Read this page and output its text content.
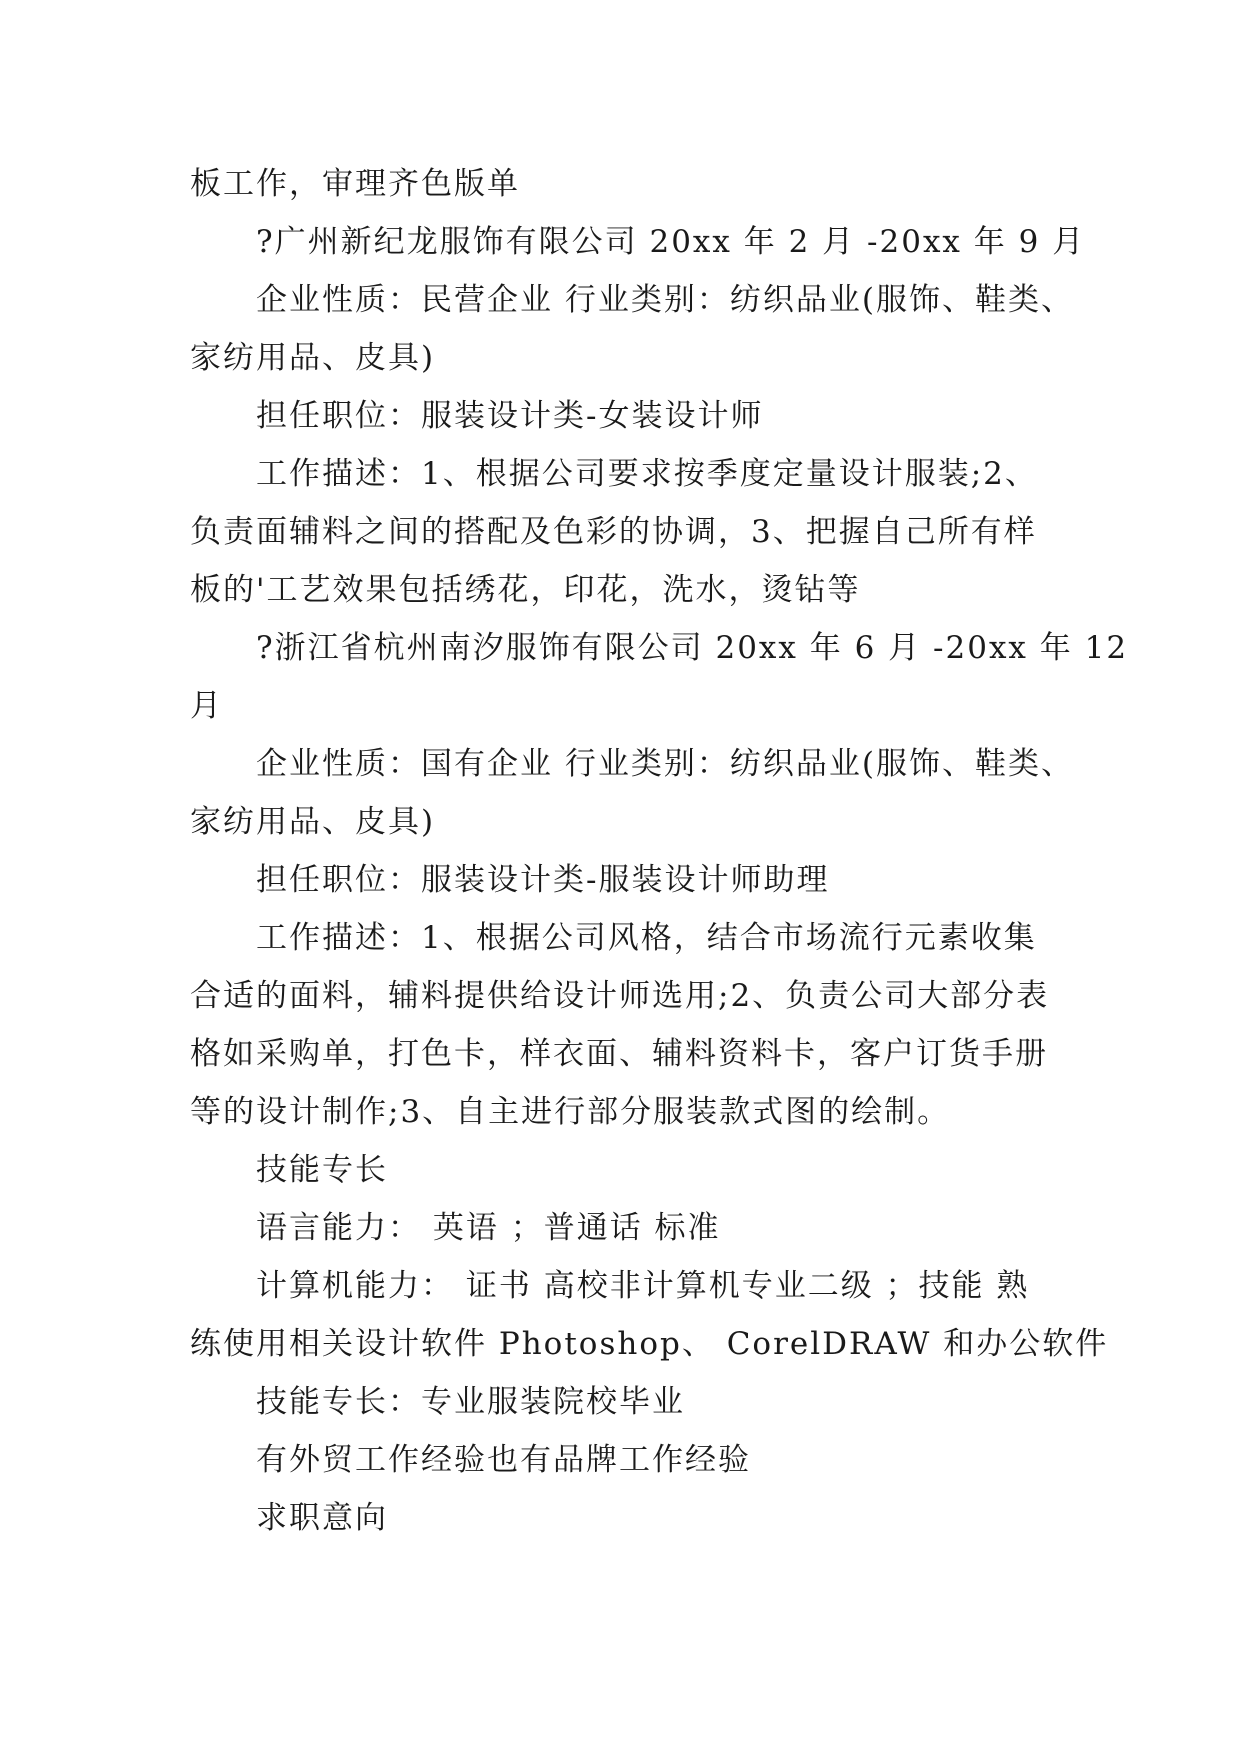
板工作，审理齐色版单
?广州新纪龙服饰有限公司 20xx 年 2 月 -20xx 年 9 月
企业性质：民营企业 行业类别：纺织品业(服饰、鞋类、
家纺用品、皮具)
担任职位：服装设计类-女装设计师
工作描述：1、根据公司要求按季度定量设计服装;2、
负责面辅料之间的搭配及色彩的协调，3、把握自己所有样
板的'工艺效果包括绣花，印花，洗水，烫钻等
?浙江省杭州南汐服饰有限公司 20xx 年 6 月 -20xx 年 12
月
企业性质：国有企业 行业类别：纺织品业(服饰、鞋类、
家纺用品、皮具)
担任职位：服装设计类-服装设计师助理
工作描述：1、根据公司风格，结合市场流行元素收集
合适的面料，辅料提供给设计师选用;2、负责公司大部分表
格如采购单，打色卡，样衣面、辅料资料卡，客户订货手册
等的设计制作;3、自主进行部分服装款式图的绘制。
技能专长
语言能力： 英语 ；普通话 标准
计算机能力： 证书 高校非计算机专业二级 ；技能 熟
练使用相关设计软件 Photoshop、 CorelDRAW 和办公软件
技能专长：专业服装院校毕业
有外贸工作经验也有品牌工作经验
求职意向
